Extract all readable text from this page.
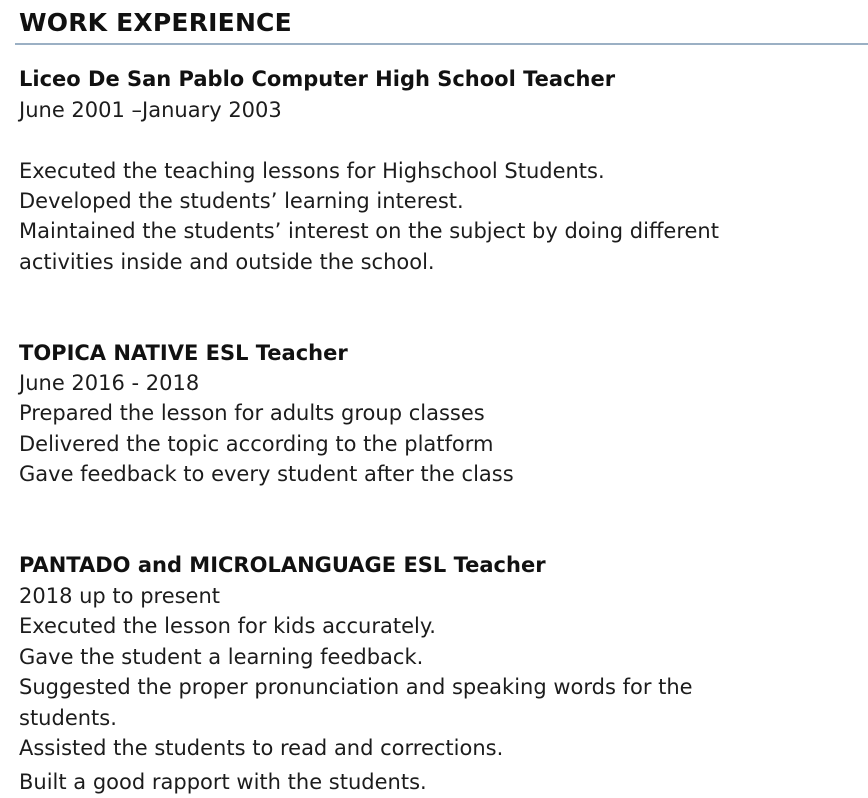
WORK EXPERIENCE
Liceo De San Pablo Computer High School Teacher
June 2001 –January 2003
Executed the teaching lessons for Highschool Students.
Developed the students’ learning interest.
Maintained the students’ interest on the subject by doing different
activities inside and outside the school.
TOPICA NATIVE ESL Teacher
June 2016 - 2018
Prepared the lesson for adults group classes
Delivered the topic according to the platform
Gave feedback to every student after the class
PANTADO and MICROLANGUAGE ESL Teacher
2018 up to present
Executed the lesson for kids accurately.
Gave the student a learning feedback.
Suggested the proper pronunciation and speaking words for the
students.
Assisted the students to read and corrections.
Built a good rapport with the students.
